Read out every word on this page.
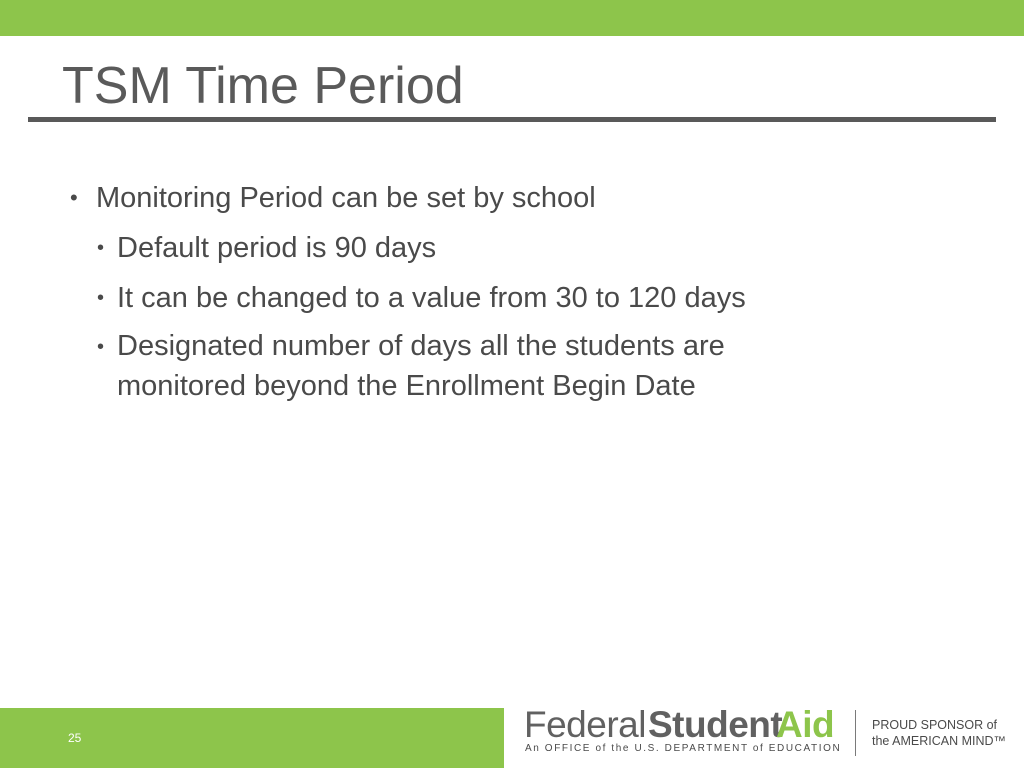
TSM Time Period
• Monitoring Period can be set by school
• Default period is 90 days
• It can be changed to a value from 30 to 120 days
• Designated number of days all the students are monitored beyond the Enrollment Begin Date
25	Federal Student
Aid
An OFFICE of the U.S. DEPARTMENT of EDUCATION
PROUD SPONSOR of
the AMERICAN MIND™
